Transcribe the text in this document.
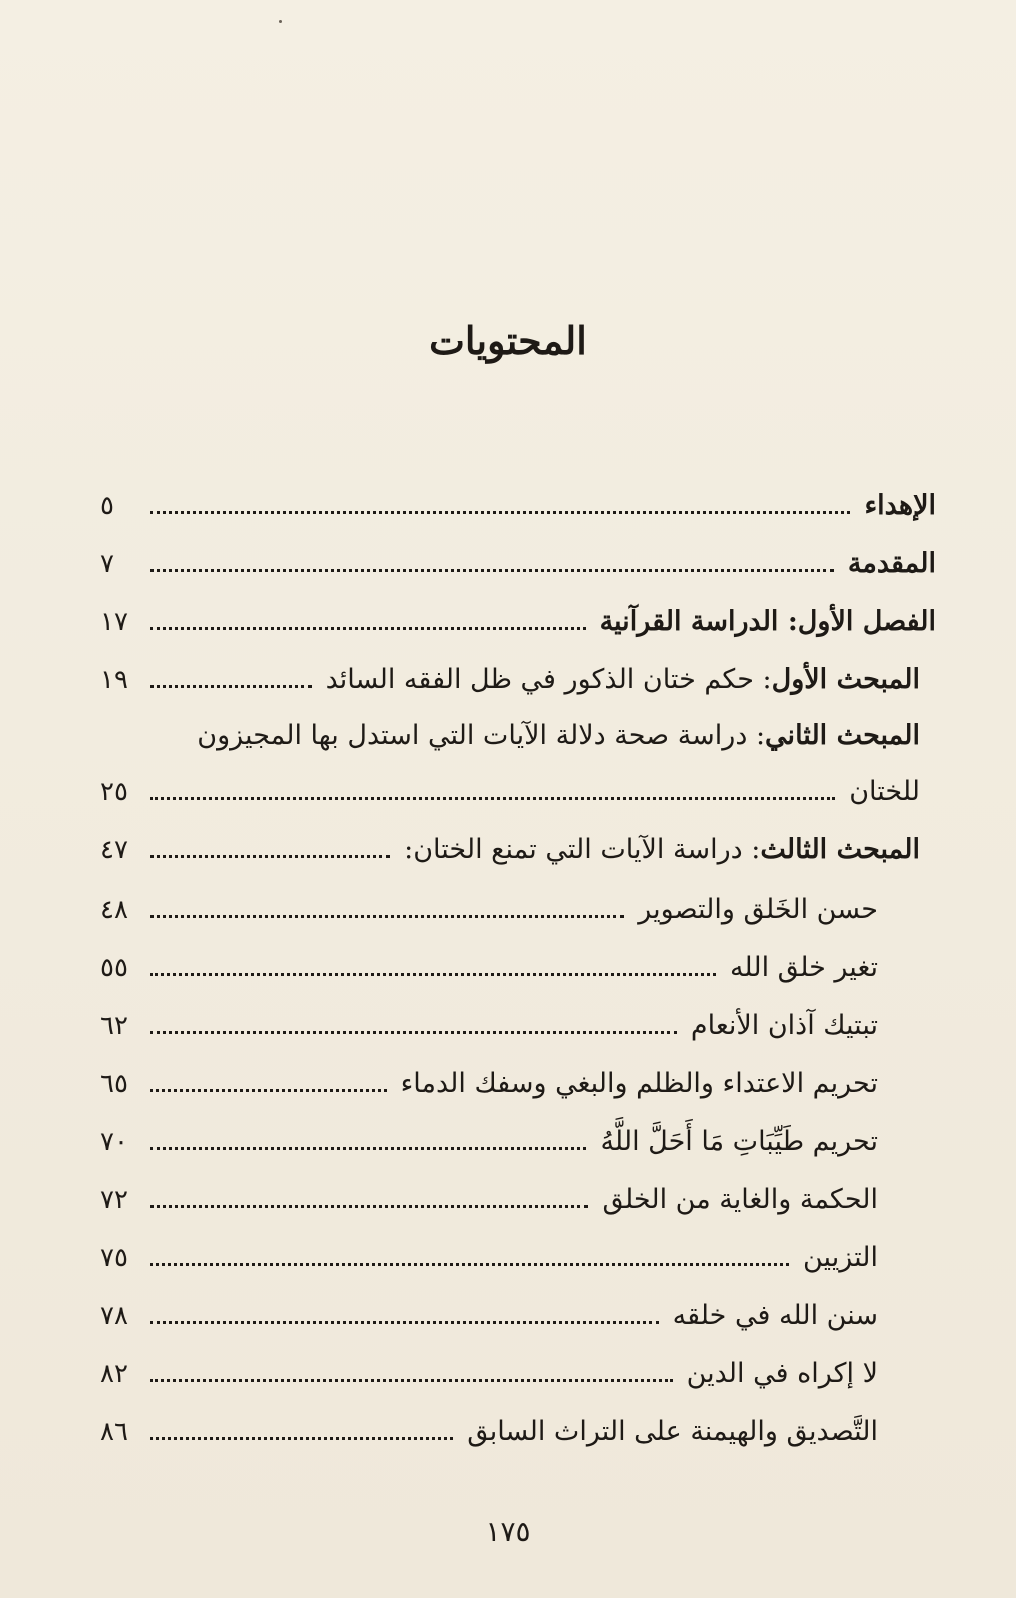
المحتويات
الإهداء
٥
المقدمة
٧
الفصل الأول: الدراسة القرآنية
١٧
المبحث الأول: حكم ختان الذكور في ظل الفقه السائد
١٩
المبحث الثاني: دراسة صحة دلالة الآيات التي استدل بها المجيزون
للختان
٢٥
المبحث الثالث: دراسة الآيات التي تمنع الختان:
٤٧
حسن الخَلق والتصوير
٤٨
تغير خلق الله
٥٥
تبتيك آذان الأنعام
٦٢
تحريم الاعتداء والظلم والبغي وسفك الدماء
٦٥
تحريم طَيِّبَاتِ مَا أَحَلَّ اللَّهُ
٧٠
الحكمة والغاية من الخلق
٧٢
التزيين
٧٥
سنن الله في خلقه
٧٨
لا إكراه في الدين
٨٢
التَّصديق والهيمنة على التراث السابق
٨٦
١٧٥
